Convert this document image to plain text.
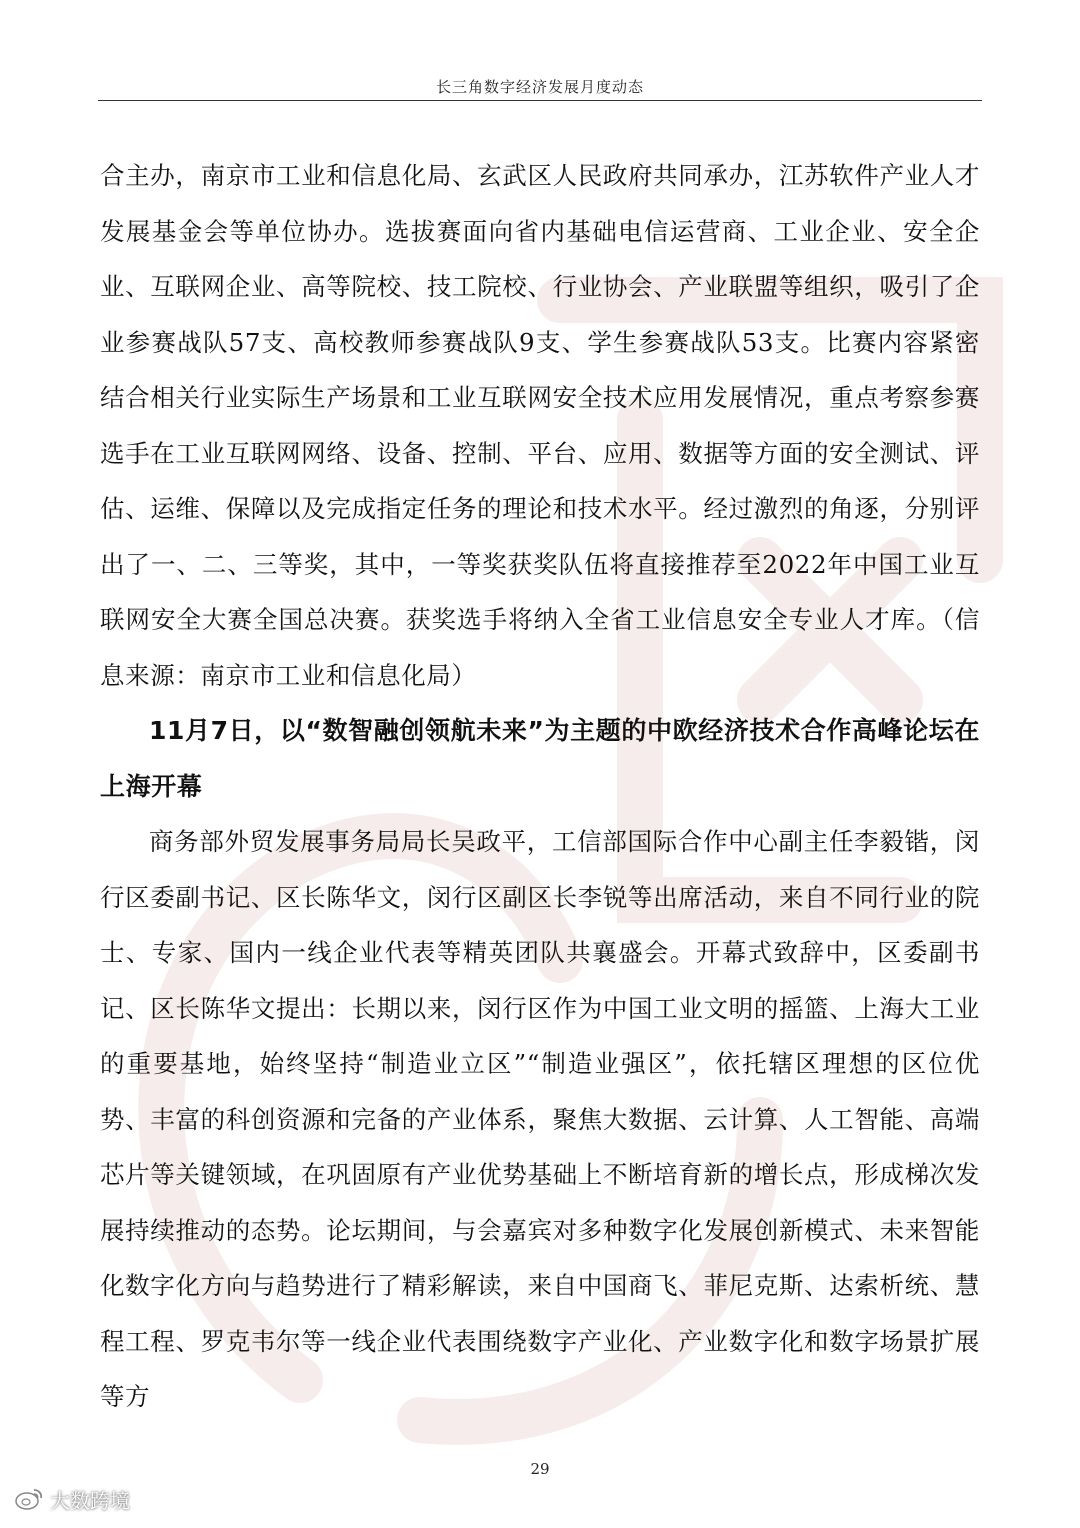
长三角数字经济发展月度动态

合主办，南京市工业和信息化局、玄武区人民政府共同承办，江苏软件产业人才发展基金会等单位协办。选拔赛面向省内基础电信运营商、工业企业、安全企业、互联网企业、高等院校、技工院校、行业协会、产业联盟等组织，吸引了企业参赛战队57支、高校教师参赛战队9支、学生参赛战队53支。比赛内容紧密结合相关行业实际生产场景和工业互联网安全技术应用发展情况，重点考察参赛选手在工业互联网网络、设备、控制、平台、应用、数据等方面的安全测试、评估、运维、保障以及完成指定任务的理论和技术水平。经过激烈的角逐，分别评出了一、二、三等奖，其中，一等奖获奖队伍将直接推荐至2022年中国工业互联网安全大赛全国总决赛。获奖选手将纳入全省工业信息安全专业人才库。（信息来源：南京市工业和信息化局）

11月7日，以“数智融创领航未来”为主题的中欧经济技术合作高峰论坛在上海开幕

商务部外贸发展事务局局长吴政平，工信部国际合作中心副主任李毅锴，闵行区委副书记、区长陈华文，闵行区副区长李锐等出席活动，来自不同行业的院士、专家、国内一线企业代表等精英团队共襄盛会。开幕式致辞中，区委副书记、区长陈华文提出：长期以来，闵行区作为中国工业文明的摇篮、上海大工业的重要基地，始终坚持“制造业立区”“制造业强区”，依托辖区理想的区位优势、丰富的科创资源和完备的产业体系，聚焦大数据、云计算、人工智能、高端芯片等关键领域，在巩固原有产业优势基础上不断培育新的增长点，形成梯次发展持续推动的态势。论坛期间，与会嘉宾对多种数字化发展创新模式、未来智能化数字化方向与趋势进行了精彩解读，来自中国商飞、菲尼克斯、达索析统、慧程工程、罗克韦尔等一线企业代表围绕数字产业化、产业数字化和数字场景扩展等方

29
大数跨境
